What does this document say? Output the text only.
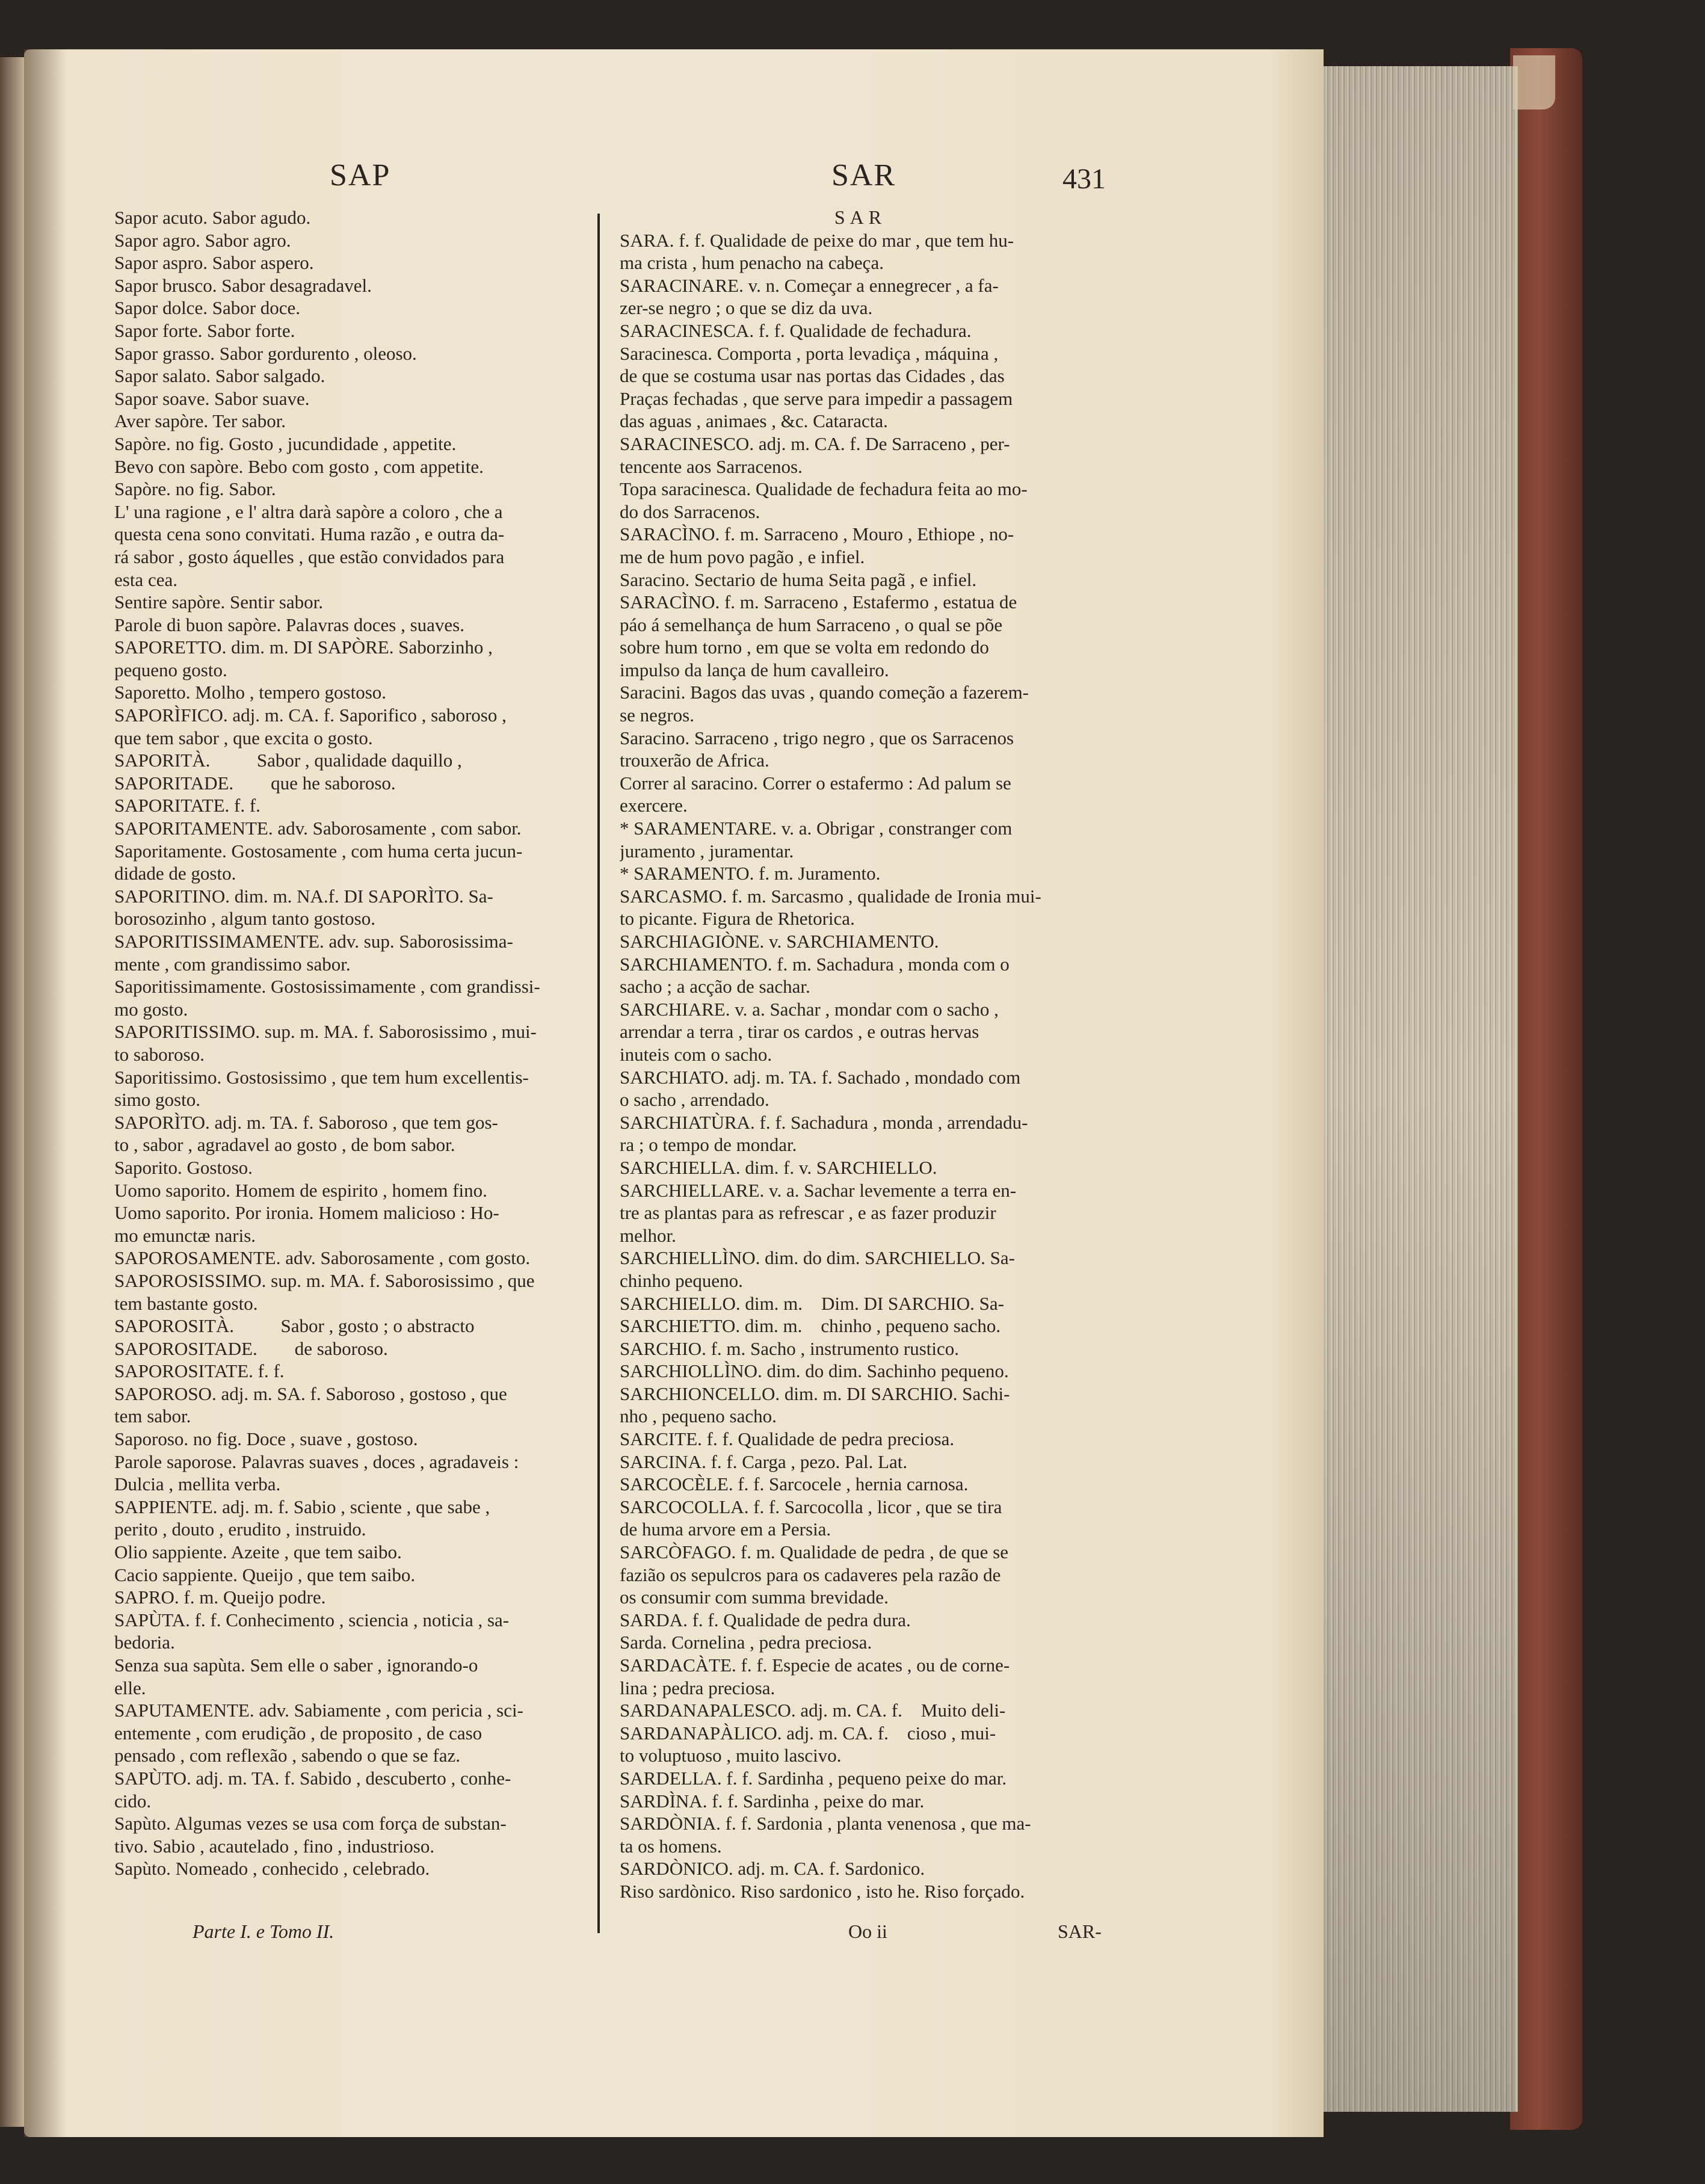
SAP	SAR	431
Sapor acuto. Sabor agudo.
Sapor agro. Sabor agro.
Sapor aspro. Sabor aspero.
Sapor brusco. Sabor desagradavel.
Sapor dolce. Sabor doce.
Sapor forte. Sabor forte.
Sapor grasso. Sabor gordurento , oleoso.
Sapor salato. Sabor salgado.
Sapor soave. Sabor suave.
Aver sapòre. Ter sabor.
Sapòre. no fig. Gosto , jucundidade , appetite.
Bevo con sapòre. Bebo com gosto , com appetite.
Sapòre. no fig. Sabor.
L' una ragione , e l' altra darà sapòre a coloro , che a
questa cena sono convitati. Huma razão , e outra da-
rá sabor , gosto áquelles , que estão convidados para
esta cea.
Sentire sapòre. Sentir sabor.
Parole di buon sapòre. Palavras doces , suaves.
SAPORETTO. dim. m. DI SAPÒRE. Saborzinho ,
pequeno gosto.
Saporetto. Molho , tempero gostoso.
SAPORÌFICO. adj. m. CA. f. Saporifico , saboroso ,
que tem sabor , que excita o gosto.
SAPORITÀ.          Sabor , qualidade daquillo ,
SAPORITADE.        que he saboroso.
SAPORITATE. f. f.
SAPORITAMENTE. adv. Saborosamente , com sabor.
Saporitamente. Gostosamente , com huma certa jucun-
didade de gosto.
SAPORITINO. dim. m. NA.f. DI SAPORÌTO. Sa-
borosozinho , algum tanto gostoso.
SAPORITISSIMAMENTE. adv. sup. Saborosissima-
mente , com grandissimo sabor.
Saporitissimamente. Gostosissimamente , com grandissi-
mo gosto.
SAPORITISSIMO. sup. m. MA. f. Saborosissimo , mui-
to saboroso.
Saporitissimo. Gostosissimo , que tem hum excellentis-
simo gosto.
SAPORÌTO. adj. m. TA. f. Saboroso , que tem gos-
to , sabor , agradavel ao gosto , de bom sabor.
Saporito. Gostoso.
Uomo saporito. Homem de espirito , homem fino.
Uomo saporito. Por ironia. Homem malicioso : Ho-
mo emunctæ naris.
SAPOROSAMENTE. adv. Saborosamente , com gosto.
SAPOROSISSIMO. sup. m. MA. f. Saborosissimo , que
tem bastante gosto.
SAPOROSITÀ.          Sabor , gosto ; o abstracto
SAPOROSITADE.        de saboroso.
SAPOROSITATE. f. f.
SAPOROSO. adj. m. SA. f. Saboroso , gostoso , que
tem sabor.
Saporoso. no fig. Doce , suave , gostoso.
Parole saporose. Palavras suaves , doces , agradaveis :
Dulcia , mellita verba.
SAPPIENTE. adj. m. f. Sabio , sciente , que sabe ,
perito , douto , erudito , instruido.
Olio sappiente. Azeite , que tem saibo.
Cacio sappiente. Queijo , que tem saibo.
SAPRO. f. m. Queijo podre.
SAPÙTA. f. f. Conhecimento , sciencia , noticia , sa-
bedoria.
Senza sua sapùta. Sem elle o saber , ignorando-o
elle.
SAPUTAMENTE. adv. Sabiamente , com pericia , sci-
entemente , com erudição , de proposito , de caso
pensado , com reflexão , sabendo o que se faz.
SAPÙTO. adj. m. TA. f. Sabido , descuberto , conhe-
cido.
Sapùto. Algumas vezes se usa com força de substan-
tivo. Sabio , acautelado , fino , industrioso.
Sapùto. Nomeado , conhecido , celebrado.
SAR
SARA. f. f. Qualidade de peixe do mar , que tem hu-
ma crista , hum penacho na cabeça.
SARACINARE. v. n. Começar a ennegrecer , a fa-
zer-se negro ; o que se diz da uva.
SARACINESCA. f. f. Qualidade de fechadura.
Saracinesca. Comporta , porta levadiça , máquina ,
de que se costuma usar nas portas das Cidades , das
Praças fechadas , que serve para impedir a passagem
das aguas , animaes , &c. Cataracta.
SARACINESCO. adj. m. CA. f. De Sarraceno , per-
tencente aos Sarracenos.
Topa saracinesca. Qualidade de fechadura feita ao mo-
do dos Sarracenos.
SARACÌNO. f. m. Sarraceno , Mouro , Ethiope , no-
me de hum povo pagão , e infiel.
Saracino. Sectario de huma Seita pagã , e infiel.
SARACÌNO. f. m. Sarraceno , Estafermo , estatua de
páo á semelhança de hum Sarraceno , o qual se põe
sobre hum torno , em que se volta em redondo do
impulso da lança de hum cavalleiro.
Saracini. Bagos das uvas , quando começão a fazerem-
se negros.
Saracino. Sarraceno , trigo negro , que os Sarracenos
trouxerão de Africa.
Correr al saracino. Correr o estafermo : Ad palum se
exercere.
* SARAMENTARE. v. a. Obrigar , constranger com
juramento , juramentar.
* SARAMENTO. f. m. Juramento.
SARCASMO. f. m. Sarcasmo , qualidade de Ironia mui-
to picante. Figura de Rhetorica.
SARCHIAGIÒNE. v. SARCHIAMENTO.
SARCHIAMENTO. f. m. Sachadura , monda com o
sacho ; a acção de sachar.
SARCHIARE. v. a. Sachar , mondar com o sacho ,
arrendar a terra , tirar os cardos , e outras hervas
inuteis com o sacho.
SARCHIATO. adj. m. TA. f. Sachado , mondado com
o sacho , arrendado.
SARCHIATÙRA. f. f. Sachadura , monda , arrendadu-
ra ; o tempo de mondar.
SARCHIELLA. dim. f. v. SARCHIELLO.
SARCHIELLARE. v. a. Sachar levemente a terra en-
tre as plantas para as refrescar , e as fazer produzir
melhor.
SARCHIELLÌNO. dim. do dim. SARCHIELLO. Sa-
chinho pequeno.
SARCHIELLO. dim. m.    Dim. DI SARCHIO. Sa-
SARCHIETTO. dim. m.    chinho , pequeno sacho.
SARCHIO. f. m. Sacho , instrumento rustico.
SARCHIOLLÌNO. dim. do dim. Sachinho pequeno.
SARCHIONCELLO. dim. m. DI SARCHIO. Sachi-
nho , pequeno sacho.
SARCITE. f. f. Qualidade de pedra preciosa.
SARCINA. f. f. Carga , pezo. Pal. Lat.
SARCOCÈLE. f. f. Sarcocele , hernia carnosa.
SARCOCOLLA. f. f. Sarcocolla , licor , que se tira
de huma arvore em a Persia.
SARCÒFAGO. f. m. Qualidade de pedra , de que se
fazião os sepulcros para os cadaveres pela razão de
os consumir com summa brevidade.
SARDA. f. f. Qualidade de pedra dura.
Sarda. Cornelina , pedra preciosa.
SARDACÀTE. f. f. Especie de acates , ou de corne-
lina ; pedra preciosa.
SARDANAPALESCO. adj. m. CA. f.    Muito deli-
SARDANAPÀLICO. adj. m. CA. f.    cioso , mui-
to voluptuoso , muito lascivo.
SARDELLA. f. f. Sardinha , pequeno peixe do mar.
SARDÌNA. f. f. Sardinha , peixe do mar.
SARDÒNIA. f. f. Sardonia , planta venenosa , que ma-
ta os homens.
SARDÒNICO. adj. m. CA. f. Sardonico.
Riso sardònico. Riso sardonico , isto he. Riso forçado.
Parte I. e Tomo II.	Oo ii	SAR-
